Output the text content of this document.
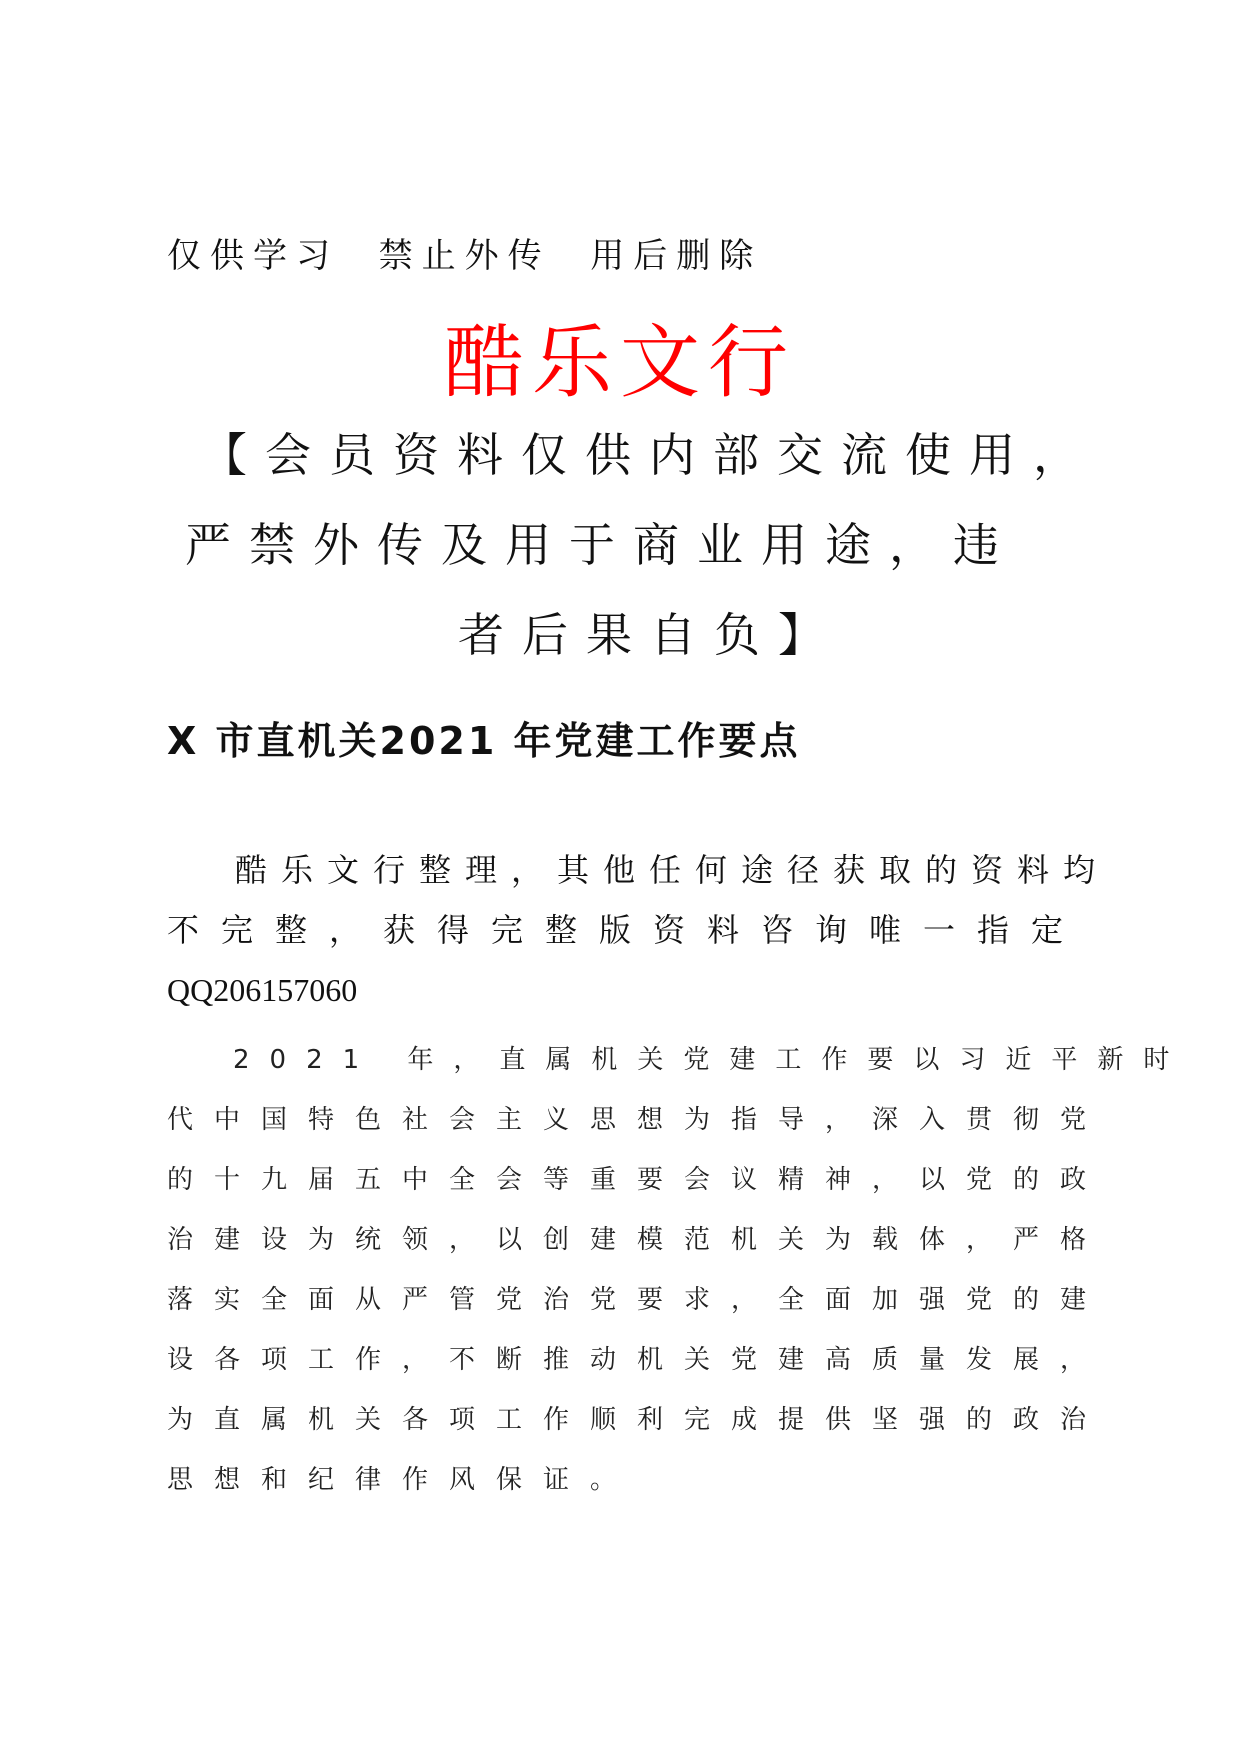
仅供学习  禁止外传  用后删除
酷乐文行
【会员资料仅供内部交流使用，
严禁外传及用于商业用途，违
者后果自负】
X 市直机关2021 年党建工作要点
酷乐文行整理，其他任何途径获取的资料均
不完整，获得完整版资料咨询唯一指定
QQ206157060
2021 年，直属机关党建工作要以习近平新时
代中国特色社会主义思想为指导，深入贯彻党
的十九届五中全会等重要会议精神，以党的政
治建设为统领，以创建模范机关为载体，严格
落实全面从严管党治党要求，全面加强党的建
设各项工作，不断推动机关党建高质量发展，
为直属机关各项工作顺利完成提供坚强的政治
思想和纪律作风保证。
